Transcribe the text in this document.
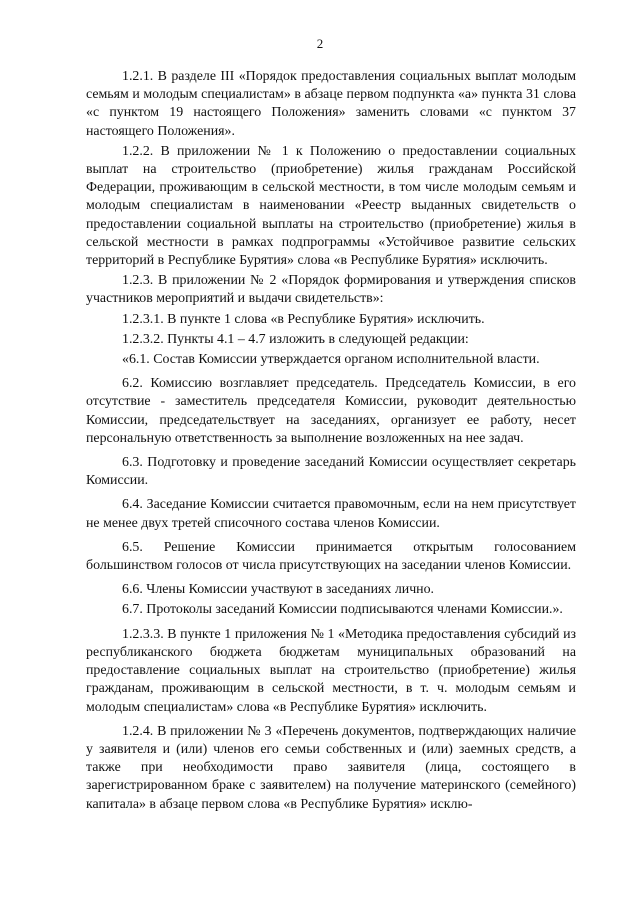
2

1.2.1. В разделе III «Порядок предоставления социальных выплат молодым семьям и молодым специалистам» в абзаце первом подпункта «а» пункта 31 слова «с пунктом 19 настоящего Положения» заменить словами «с пунктом 37 настоящего Положения».

1.2.2. В приложении № 1 к Положению о предоставлении социальных выплат на строительство (приобретение) жилья гражданам Российской Федерации, проживающим в сельской местности, в том числе молодым семьям и молодым специалистам в наименовании «Реестр выданных свидетельств о предоставлении социальной выплаты на строительство (приобретение) жилья в сельской местности в рамках подпрограммы «Устойчивое развитие сельских территорий в Республике Бурятия» слова «в Республике Бурятия» исключить.

1.2.3. В приложении № 2 «Порядок формирования и утверждения списков участников мероприятий и выдачи свидетельств»:

1.2.3.1. В пункте 1 слова «в Республике Бурятия» исключить.

1.2.3.2. Пункты 4.1 – 4.7 изложить в следующей редакции:

«6.1. Состав Комиссии утверждается органом исполнительной власти.

6.2. Комиссию возглавляет председатель. Председатель Комиссии, в его отсутствие - заместитель председателя Комиссии, руководит деятельностью Комиссии, председательствует на заседаниях, организует ее работу, несет персональную ответственность за выполнение возложенных на нее задач.

6.3. Подготовку и проведение заседаний Комиссии осуществляет секретарь Комиссии.

6.4. Заседание Комиссии считается правомочным, если на нем присутствует не менее двух третей списочного состава членов Комиссии.

6.5. Решение Комиссии принимается открытым голосованием большинством голосов от числа присутствующих на заседании членов Комиссии.

6.6. Члены Комиссии участвуют в заседаниях лично.

6.7. Протоколы заседаний Комиссии подписываются членами Комиссии.».

1.2.3.3. В пункте 1 приложения № 1 «Методика предоставления субсидий из республиканского бюджета бюджетам муниципальных образований на предоставление социальных выплат на строительство (приобретение) жилья гражданам, проживающим в сельской местности, в т. ч. молодым семьям и молодым специалистам» слова «в Республике Бурятия» исключить.

1.2.4. В приложении № 3 «Перечень документов, подтверждающих наличие у заявителя и (или) членов его семьи собственных и (или) заемных средств, а также при необходимости право заявителя (лица, состоящего в зарегистрированном браке с заявителем) на получение материнского (семейного) капитала» в абзаце первом слова «в Республике Бурятия» исклю-
